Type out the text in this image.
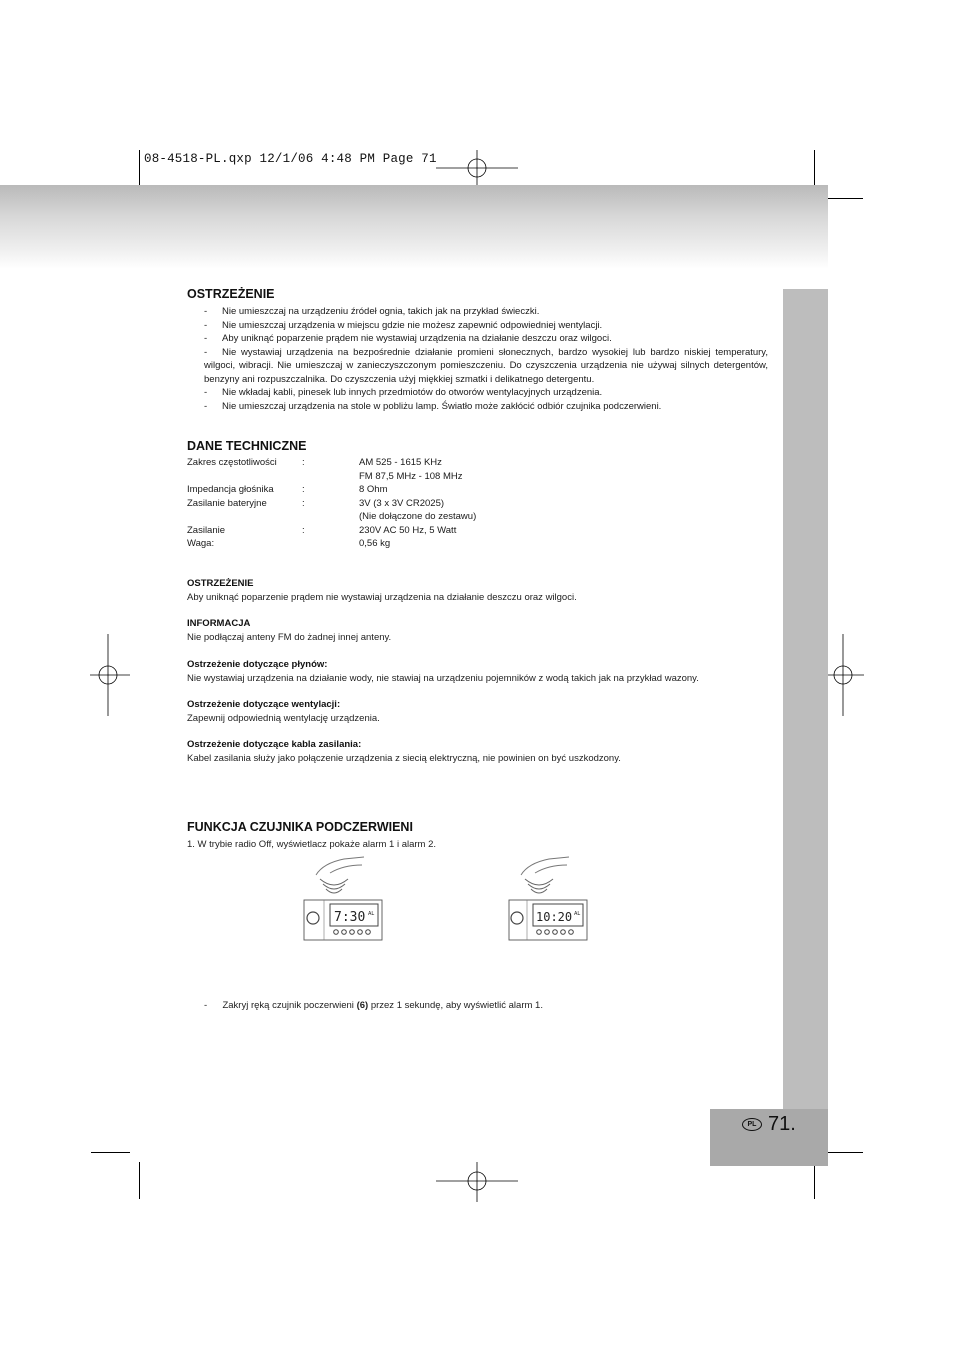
08-4518-PL.qxp 12/1/06 4:48 PM Page 71
PL 71.
OSTRZEŻENIE
-	Nie umieszczaj na urządzeniu źródeł ognia, takich jak na przykład świeczki.
-	Nie umieszczaj urządzenia w miejscu gdzie nie możesz zapewnić odpowiedniej wentylacji.
-	Aby uniknąć poparzenie prądem nie wystawiaj urządzenia na działanie deszczu oraz wilgoci.
-	Nie wystawiaj urządzenia na bezpośrednie działanie promieni słonecznych, bardzo wysokiej lub bardzo niskiej temperatury, wilgoci, wibracji. Nie umieszczaj w zanieczyszczonym pomieszczeniu. Do czyszczenia urządzenia nie używaj silnych detergentów, benzyny ani rozpuszczalnika. Do czyszczenia użyj miękkiej szmatki i delikatnego detergentu.
-	Nie wkładaj kabli, pinesek lub innych przedmiotów do otworów wentylacyjnych urządzenia.
-	Nie umieszczaj urządzenia na stole w pobliżu lamp. Światło może zakłócić odbiór czujnika podczerwieni.
DANE TECHNICZNE
Zakres częstotliwości	:	AM 525 - 1615 KHz
FM 87,5 MHz - 108 MHz
Impedancja głośnika	:	8 Ohm
Zasilanie bateryjne	:	3V (3 x 3V CR2025)
(Nie dołączone do zestawu)
Zasilanie	:	230V AC 50 Hz, 5 Watt
Waga:	0,56 kg
OSTRZEŻENIE
Aby uniknąć poparzenie prądem nie wystawiaj urządzenia na działanie deszczu oraz wilgoci.
INFORMACJA
Nie podłączaj anteny FM do żadnej innej anteny.
Ostrzeżenie dotyczące płynów:
Nie wystawiaj urządzenia na działanie wody, nie stawiaj na urządzeniu pojemników z wodą takich jak na przykład wazony.
Ostrzeżenie dotyczące wentylacji:
Zapewnij odpowiednią wentylację urządzenia.
Ostrzeżenie dotyczące kabla zasilania:
Kabel zasilania służy jako połączenie urządzenia z siecią elektryczną, nie powinien on być uszkodzony.
FUNKCJA CZUJNIKA PODCZERWIENI
1. W trybie radio Off, wyświetlacz pokaże alarm 1 i alarm 2.
7:30 AL	10:20 AL
- Zakryj ręką czujnik poczerwieni (6) przez 1 sekundę, aby wyświetlić alarm 1.
